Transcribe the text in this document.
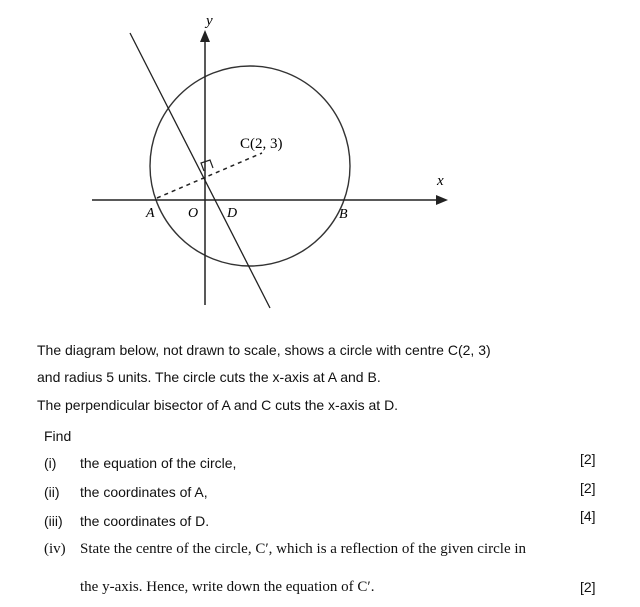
y
x
C(2, 3)
A O D	B
The diagram below, not drawn to scale, shows a circle with centre C(2, 3)
and radius 5 units. The circle cuts the x-axis at A and B.
The perpendicular bisector of A and C cuts the x-axis at D.
Find
(i) the equation of the circle,	[2]
(ii) the coordinates of A,	[2]
(iii) the coordinates of D.	[4]
(iv) State the centre of the circle, C′, which is a reflection of the given circle in
the y-axis. Hence, write down the equation of C′.	[2]
